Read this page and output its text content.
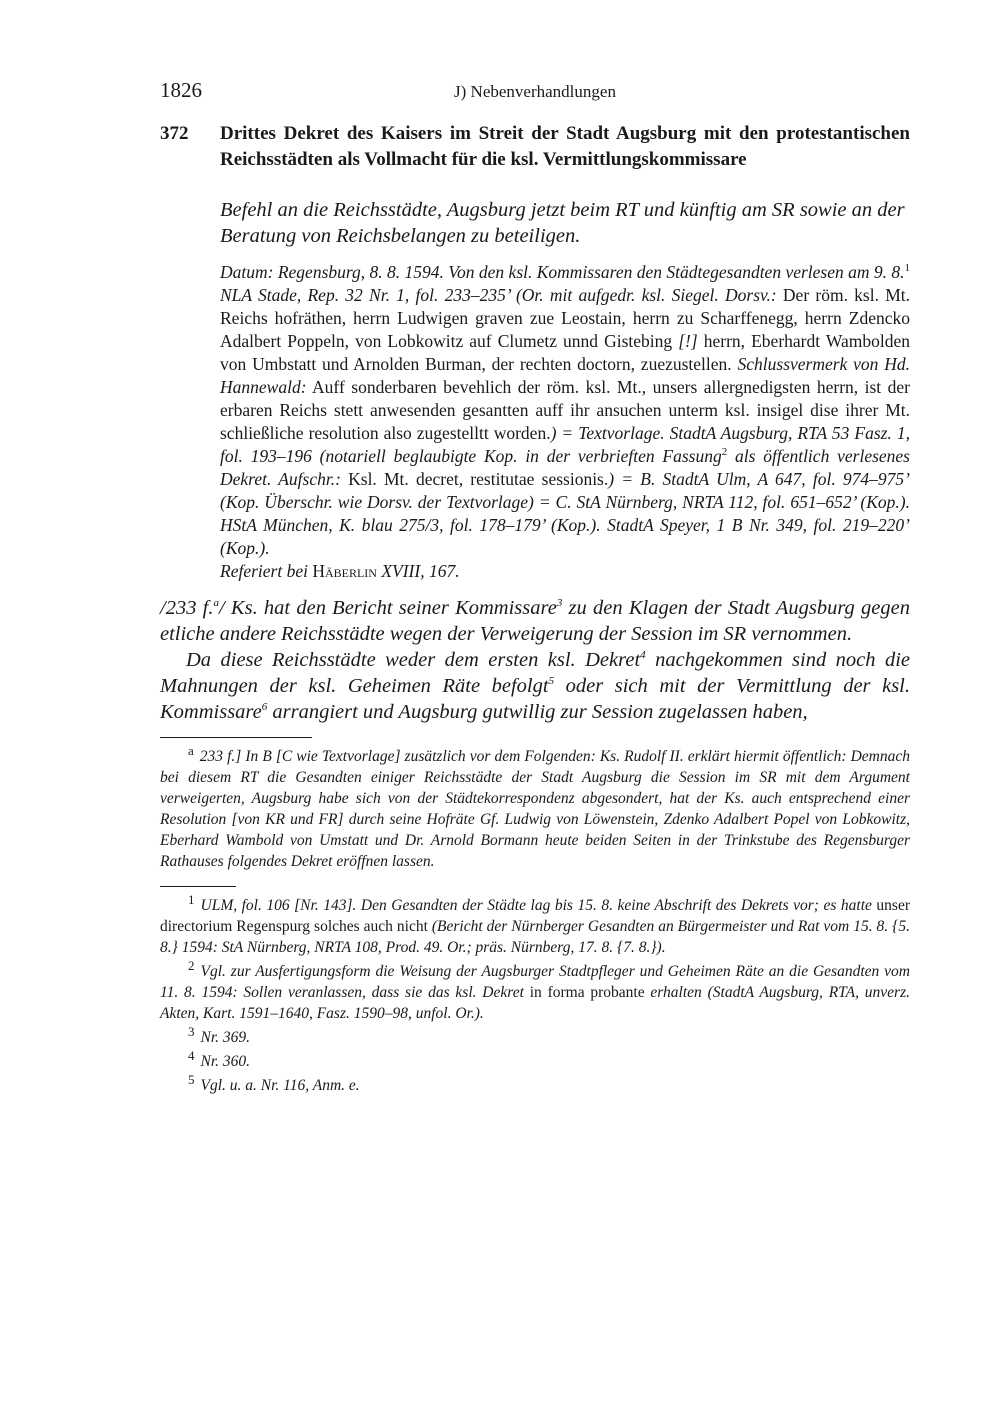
1826	J) Nebenverhandlungen
372	Drittes Dekret des Kaisers im Streit der Stadt Augsburg mit den protestantischen Reichsstädten als Vollmacht für die ksl. Vermittlungskommissare
Befehl an die Reichsstädte, Augsburg jetzt beim RT und künftig am SR sowie an der Beratung von Reichsbelangen zu beteiligen.

Datum: Regensburg, 8. 8. 1594. Von den ksl. Kommissaren den Städtegesandten verlesen am 9. 8.$^1$

NLA Stade, Rep. 32 Nr. 1, fol. 233–235’ (Or. mit aufgedr. ksl. Siegel. Dorsv.: Der röm. ksl. Mt. Reichs hofräthen, herrn Ludwigen graven zue Leostain, herrn zu Scharffenegg, herrn Zdencko Adalbert Poppeln, von Lobkowitz auf Clumetz unnd Gistebing [!] herrn, Eberhardt Wambolden von Umbstatt und Arnolden Burman, der rechten doctorn, zuezustellen. Schlussvermerk von Hd. Hannewald: Auff sonderbaren bevehlich der röm. ksl. Mt., unsers allergnedigsten herrn, ist der erbaren Reichs stett anwesenden gesantten auff ihr ansuchen unterm ksl. insigel dise ihrer Mt. schließliche resolution also zugestelltt worden.) = Textvorlage. StadtA Augsburg, RTA 53 Fasz. 1, fol. 193–196 (notariell beglaubigte Kop. in der verbrieften Fassung$^2$ als öffentlich verlesenes Dekret. Aufschr.: Ksl. Mt. decret, restitutae sessionis.) = B. StadtA Ulm, A 647, fol. 974–975’ (Kop. Überschr. wie Dorsv. der Textvorlage) = C. StA Nürnberg, NRTA 112, fol. 651–652’ (Kop.). HStA München, K. blau 275/3, fol. 178–179’ (Kop.). StadtA Speyer, 1 B Nr. 349, fol. 219–220’ (Kop.).

Referiert bei Häberlin XVIII, 167.

/233 f.$^a$/ Ks. hat den Bericht seiner Kommissare$^3$ zu den Klagen der Stadt Augsburg gegen etliche andere Reichsstädte wegen der Verweigerung der Session im SR vernommen.

Da diese Reichsstädte weder dem ersten ksl. Dekret$^4$ nachgekommen sind noch die Mahnungen der ksl. Geheimen Räte befolgt$^5$ oder sich mit der Vermittlung der ksl. Kommissare$^6$ arrangiert und Augsburg gutwillig zur Session zugelassen haben,

$^a$ 233 f.] In B [C wie Textvorlage] zusätzlich vor dem Folgenden: Ks. Rudolf II. erklärt hiermit öffentlich: Demnach bei diesem RT die Gesandten einiger Reichsstädte der Stadt Augsburg die Session im SR mit dem Argument verweigerten, Augsburg habe sich von der Städtekorrespondenz abgesondert, hat der Ks. auch entsprechend einer Resolution [von KR und FR] durch seine Hofräte Gf. Ludwig von Löwenstein, Zdenko Adalbert Popel von Lobkowitz, Eberhard Wambold von Umstatt und Dr. Arnold Bormann heute beiden Seiten in der Trinkstube des Regensburger Rathauses folgendes Dekret eröffnen lassen.

$^1$ ULM, fol. 106 [Nr. 143]. Den Gesandten der Städte lag bis 15. 8. keine Abschrift des Dekrets vor; es hatte unser directorium Regenspurg solches auch nicht (Bericht der Nürnberger Gesandten an Bürgermeister und Rat vom 15. 8. {5. 8.} 1594: StA Nürnberg, NRTA 108, Prod. 49. Or.; präs. Nürnberg, 17. 8. {7. 8.}).

$^2$ Vgl. zur Ausfertigungsform die Weisung der Augsburger Stadtpfleger und Geheimen Räte an die Gesandten vom 11. 8. 1594: Sollen veranlassen, dass sie das ksl. Dekret in forma probante erhalten (StadtA Augsburg, RTA, unverz. Akten, Kart. 1591–1640, Fasz. 1590–98, unfol. Or.).

$^3$ Nr. 369.

$^4$ Nr. 360.

$^5$ Vgl. u. a. Nr. 116, Anm. e.
